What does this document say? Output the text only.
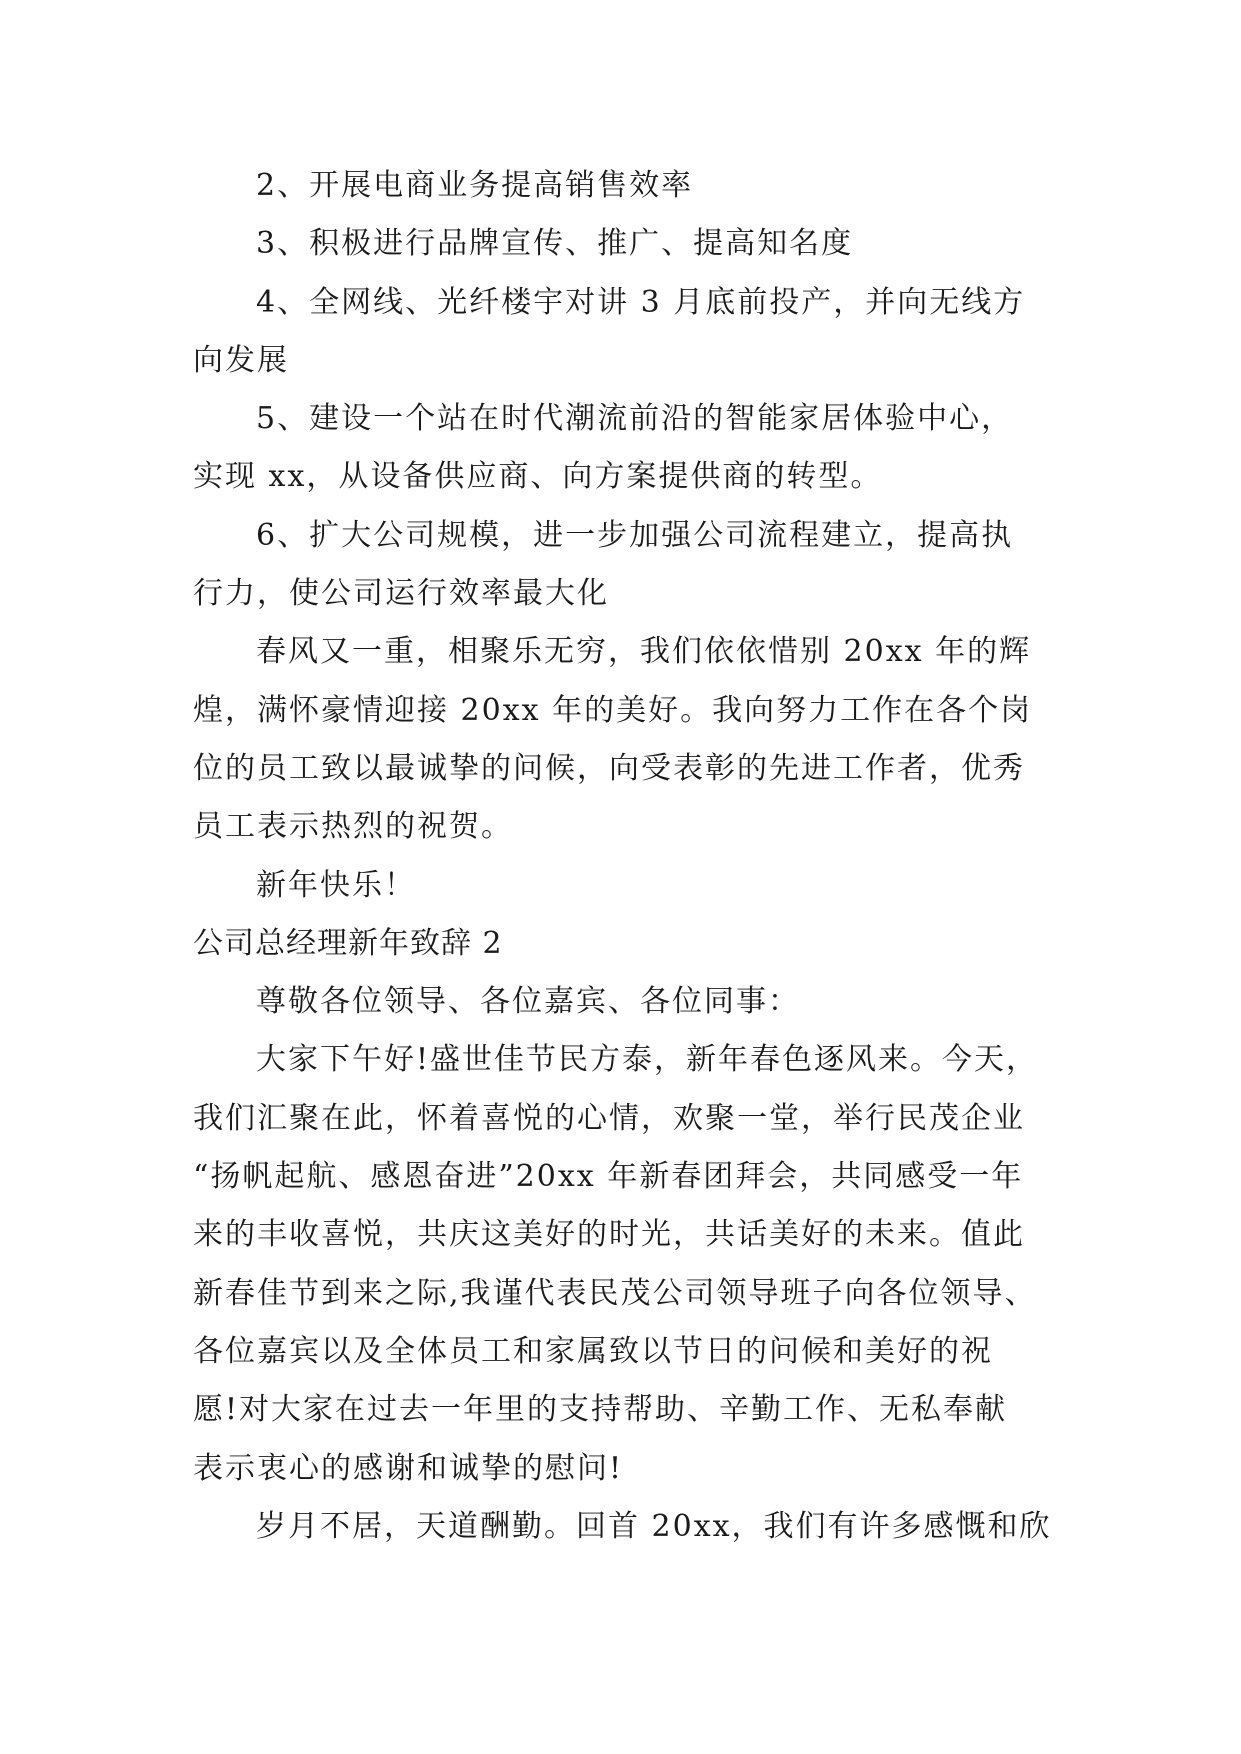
2、开展电商业务提高销售效率
3、积极进行品牌宣传、推广、提高知名度
4、全网线、光纤楼宇对讲 3 月底前投产，并向无线方
向发展
5、建设一个站在时代潮流前沿的智能家居体验中心，
实现 xx，从设备供应商、向方案提供商的转型。
6、扩大公司规模，进一步加强公司流程建立，提高执
行力，使公司运行效率最大化
春风又一重，相聚乐无穷，我们依依惜别 20xx 年的辉
煌，满怀豪情迎接 20xx 年的美好。我向努力工作在各个岗
位的员工致以最诚挚的问候，向受表彰的先进工作者，优秀
员工表示热烈的祝贺。
新年快乐！
公司总经理新年致辞 2
尊敬各位领导、各位嘉宾、各位同事：
大家下午好!盛世佳节民方泰，新年春色逐风来。今天，
我们汇聚在此，怀着喜悦的心情，欢聚一堂，举行民茂企业
“扬帆起航、感恩奋进”20xx 年新春团拜会，共同感受一年
来的丰收喜悦，共庆这美好的时光，共话美好的未来。值此
新春佳节到来之际,我谨代表民茂公司领导班子向各位领导、
各位嘉宾以及全体员工和家属致以节日的问候和美好的祝
愿!对大家在过去一年里的支持帮助、辛勤工作、无私奉献
表示衷心的感谢和诚挚的慰问!
岁月不居，天道酬勤。回首 20xx，我们有许多感慨和欣
